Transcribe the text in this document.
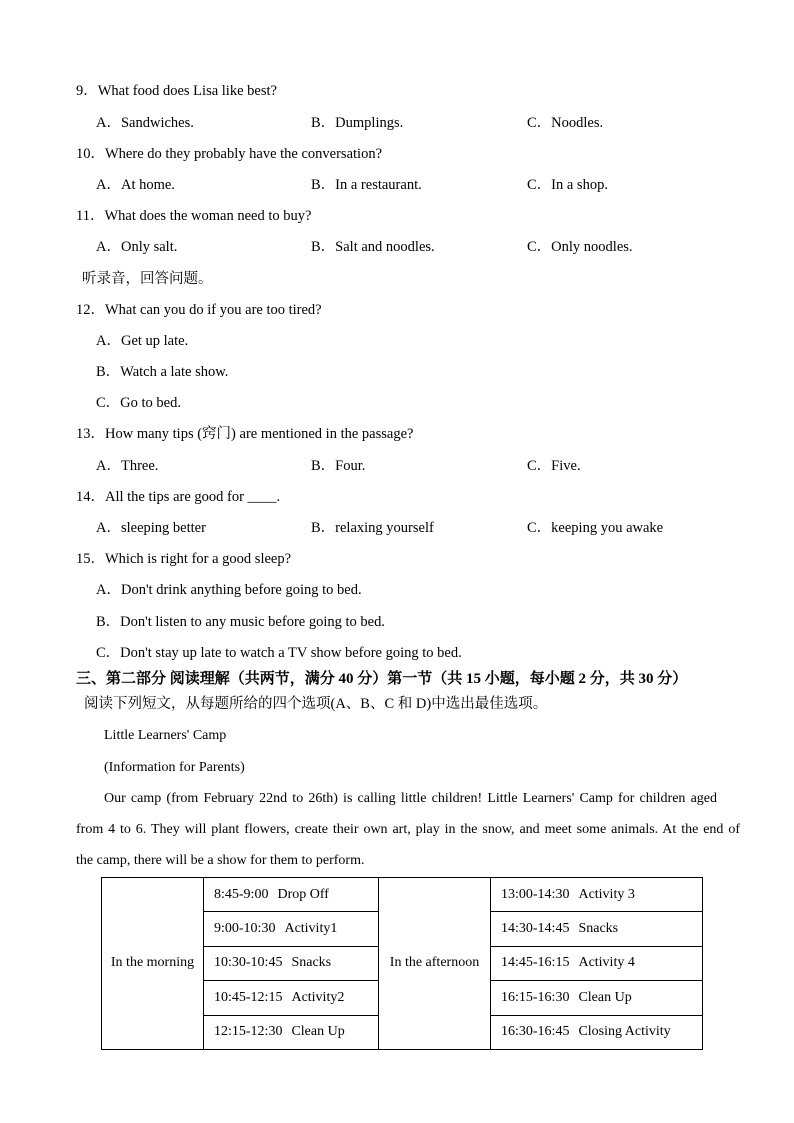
9．What food does Lisa like best?
A．Sandwiches.	B．Dumplings.	C．Noodles.
10．Where do they probably have the conversation?
A．At home.	B．In a restaurant.	C．In a shop.
11．What does the woman need to buy?
A．Only salt.	B．Salt and noodles.	C．Only noodles.
听录音，回答问题。
12．What can you do if you are too tired?
A．Get up late.
B．Watch a late show.
C．Go to bed.
13．How many tips (窍门) are mentioned in the passage?
A．Three.	B．Four.	C．Five.
14．All the tips are good for ____.
A．sleeping better	B．relaxing yourself	C．keeping you awake
15．Which is right for a good sleep?
A．Don't drink anything before going to bed.
B．Don't listen to any music before going to bed.
C．Don't stay up late to watch a TV show before going to bed.
三、第二部分 阅读理解（共两节，满分 40 分）第一节（共 15 小题，每小题 2 分，共 30 分）
阅读下列短文，从每题所给的四个选项(A、B、C 和 D)中选出最佳选项。
Little Learners' Camp
(Information for Parents)
Our camp (from February 22nd to 26th) is calling little children! Little Learners' Camp for children aged
from 4 to 6. They will plant flowers, create their own art, play in the snow, and meet some animals. At the end of
the camp, there will be a show for them to perform.
In the morning	8:45-9:00 Drop Off	In the afternoon	13:00-14:30 Activity 3
	9:00-10:30 Activity1		14:30-14:45 Snacks
	10:30-10:45 Snacks		14:45-16:15 Activity 4
	10:45-12:15 Activity2		16:15-16:30 Clean Up
	12:15-12:30 Clean Up		16:30-16:45 Closing Activity
